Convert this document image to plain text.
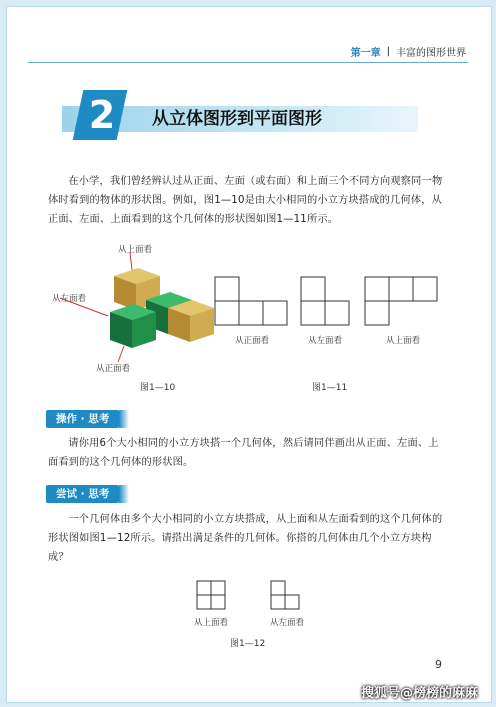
第一章 | 丰富的图形世界
2 从立体图形到平面图形

在小学，我们曾经辨认过从正面、左面（或右面）和上面三个不同方向观察同一物体时看到的物体的形状图。例如，图1—10是由大小相同的小立方块搭成的几何体，从正面、左面、上面看到的这个几何体的形状图如图1—11所示。

从上面看
从左面看
从正面看
图1—10
从正面看	从左面看	从上面看
图1—11
操作 · 思考

请你用6个大小相同的小立方块搭一个几何体，然后请同伴画出从正面、左面、上面看到的这个几何体的形状图。

尝试 · 思考

一个几何体由多个大小相同的小立方块搭成，从上面和从左面看到的这个几何体的形状图如图1—12所示。请搭出满足条件的几何体。你搭的几何体由几个小立方块构成？

从上面看	从左面看
图1—12
9
搜狐号@榜榜的麻麻
